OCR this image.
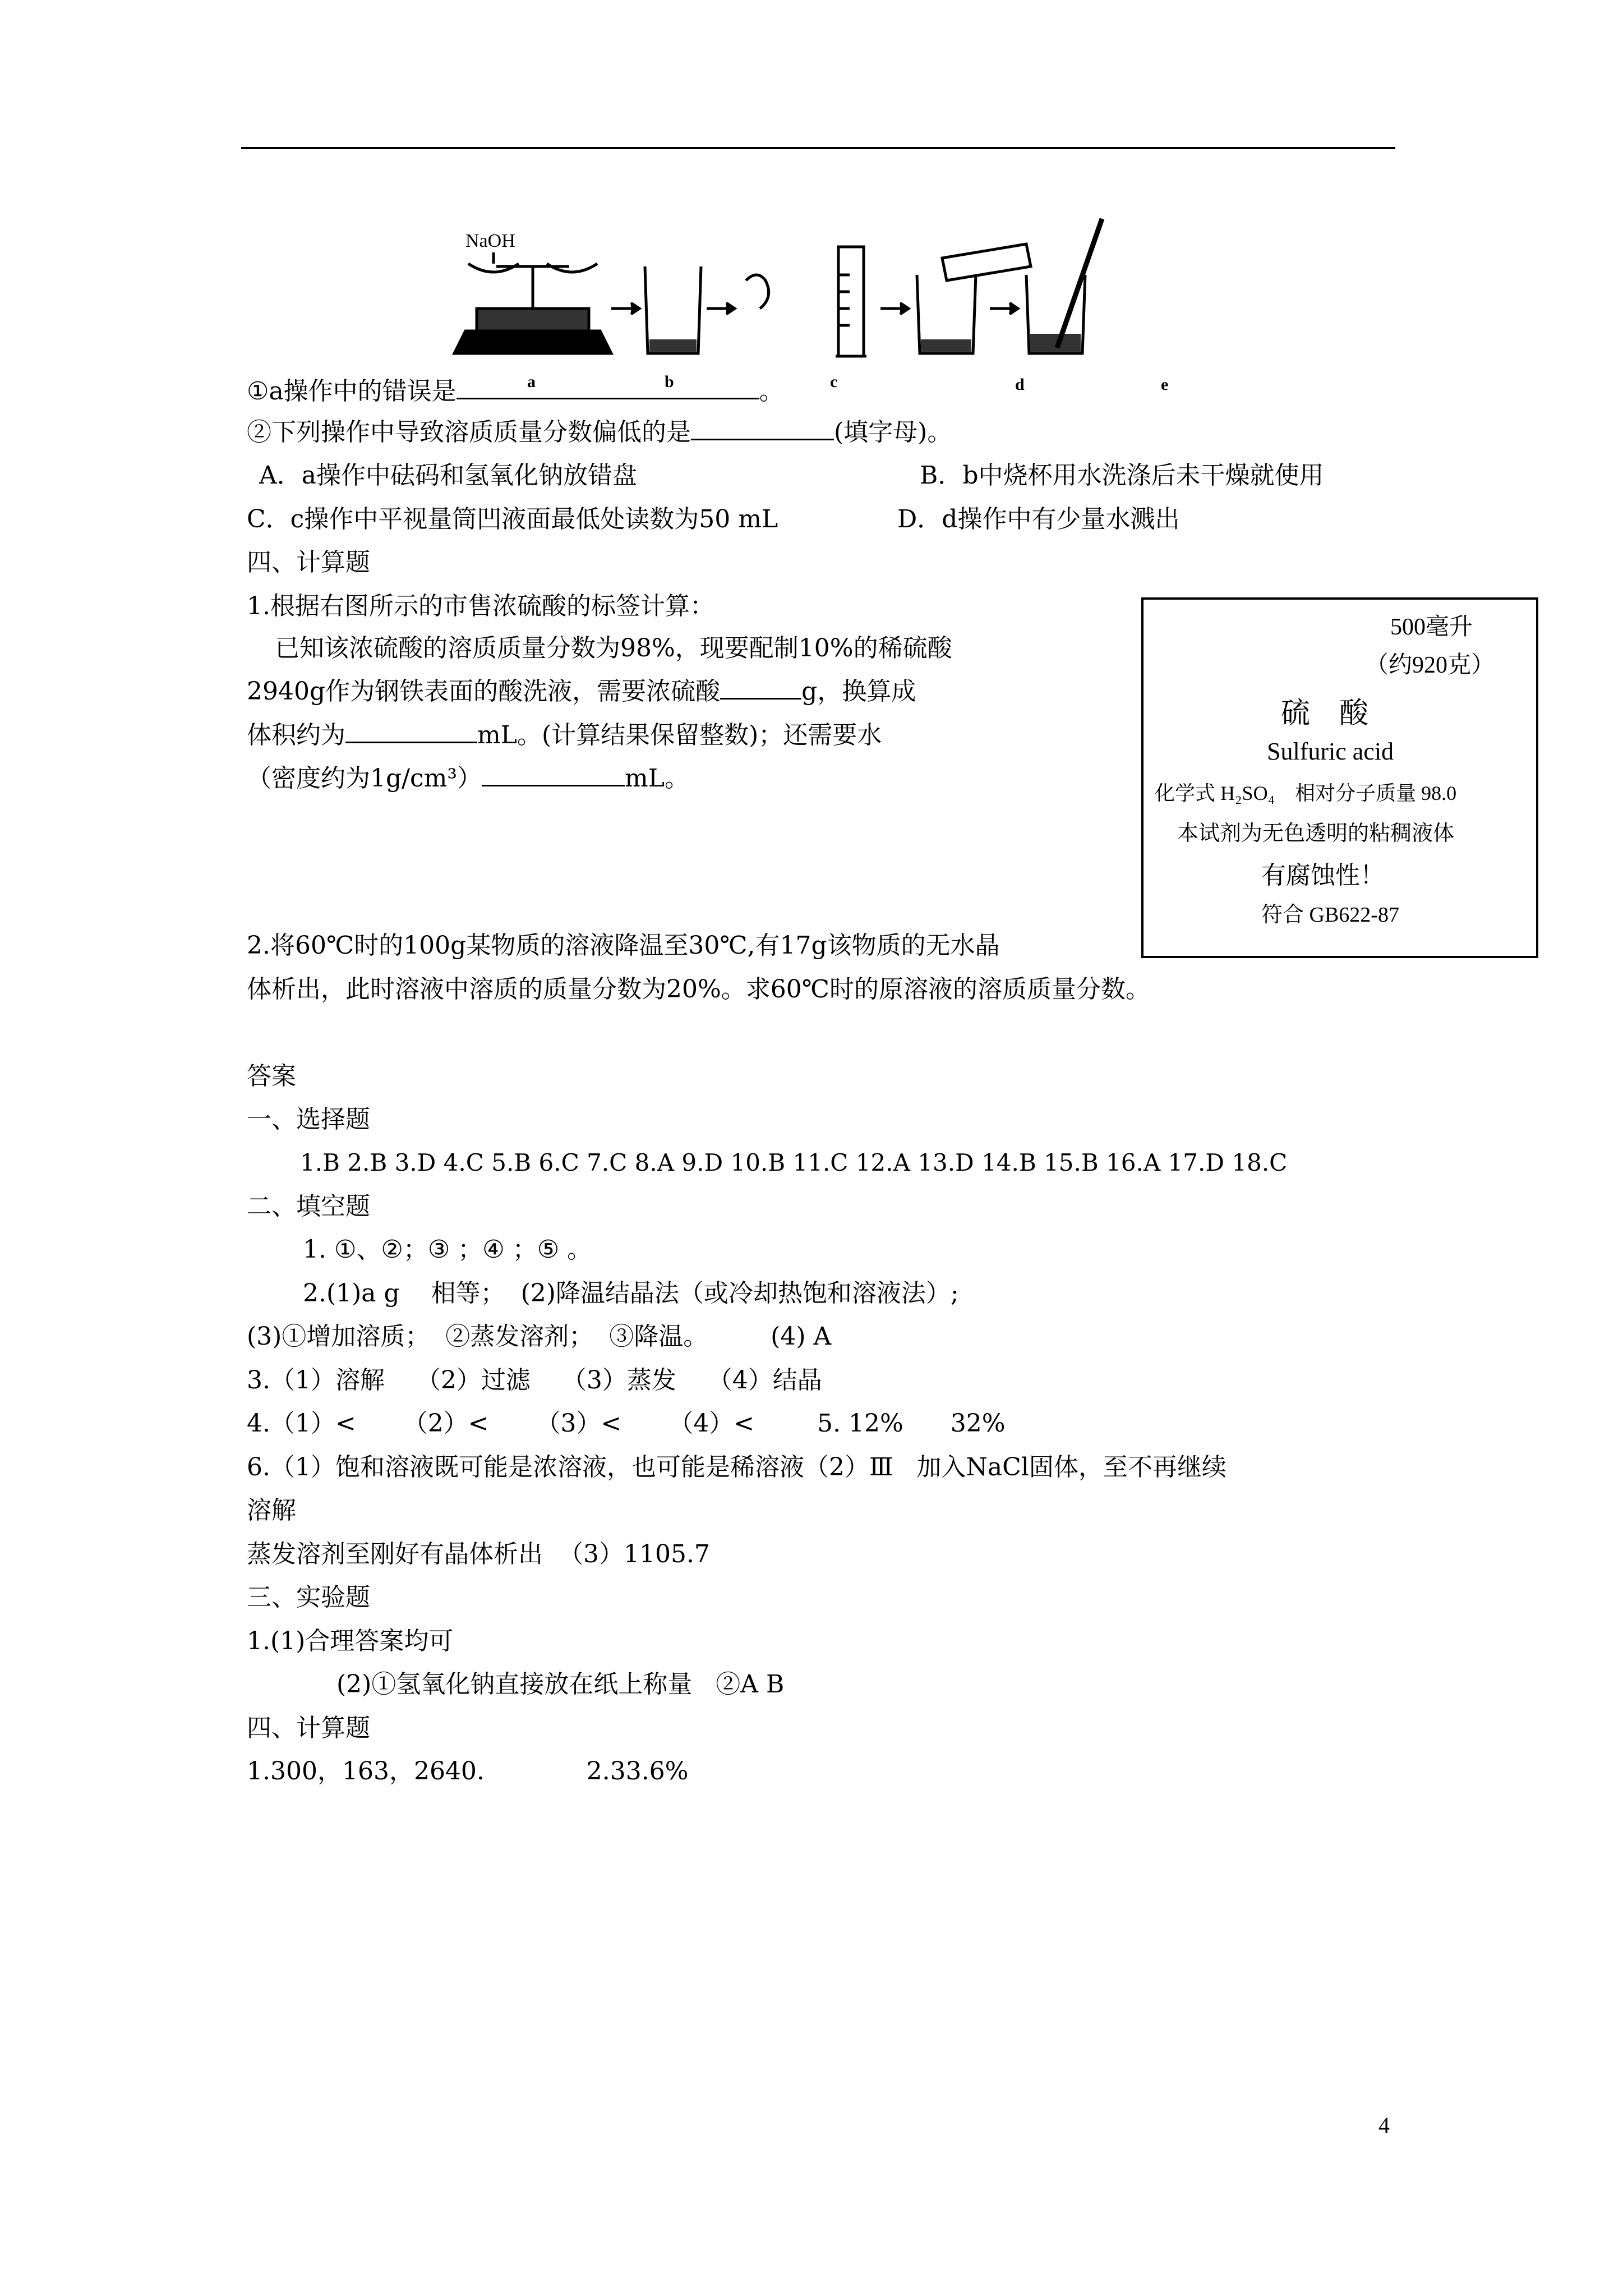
NaOH
a	b	c	d	e
①a操作中的错误是	。
②下列操作中导致溶质质量分数偏低的是	(填字母)。
A．a操作中砝码和氢氧化钠放错盘	B．b中烧杯用水洗涤后未干燥就使用
C．c操作中平视量筒凹液面最低处读数为50 mL	D．d操作中有少量水溅出
四、计算题
1.根据右图所示的市售浓硫酸的标签计算：
已知该浓硫酸的溶质质量分数为98%，现要配制10%的稀硫酸
2940g作为钢铁表面的酸洗液，需要浓硫酸	g，换算成
体积约为	mL。(计算结果保留整数)；还需要水
（密度约为1g/cm³）	mL。
500毫升
（约920克）
硫    酸
Sulfuric acid
化学式 H₂SO₄    相对分子质量 98.0
本试剂为无色透明的粘稠液体
有腐蚀性！
符合 GB622-87
2.将60℃时的100g某物质的溶液降温至30℃,有17g该物质的无水晶
体析出，此时溶液中溶质的质量分数为20%。求60℃时的原溶液的溶质质量分数。
答案
一、选择题
1.B 2.B 3.D 4.C 5.B 6.C 7.C 8.A 9.D 10.B 11.C 12.A 13.D 14.B 15.B 16.A 17.D 18.C
二、填空题
1. ①、②；③ ；④ ；⑤ 。
2.(1)a g    相等；  (2)降温结晶法（或冷却热饱和溶液法）;
(3)①增加溶质；  ②蒸发溶剂；  ③降温。        (4) A
3.（1）溶解    （2）过滤    （3）蒸发    （4）结晶
4.（1）<      （2）<      （3）<      （4）<        5. 12%      32%
6.（1）饱和溶液既可能是浓溶液，也可能是稀溶液（2）Ⅲ   加入NaCl固体，至不再继续
溶解
蒸发溶剂至刚好有晶体析出  （3）1105.7
三、实验题
1.(1)合理答案均可
(2)①氢氧化钠直接放在纸上称量   ②A B
四、计算题
1.300，163，2640.             2.33.6%
4
